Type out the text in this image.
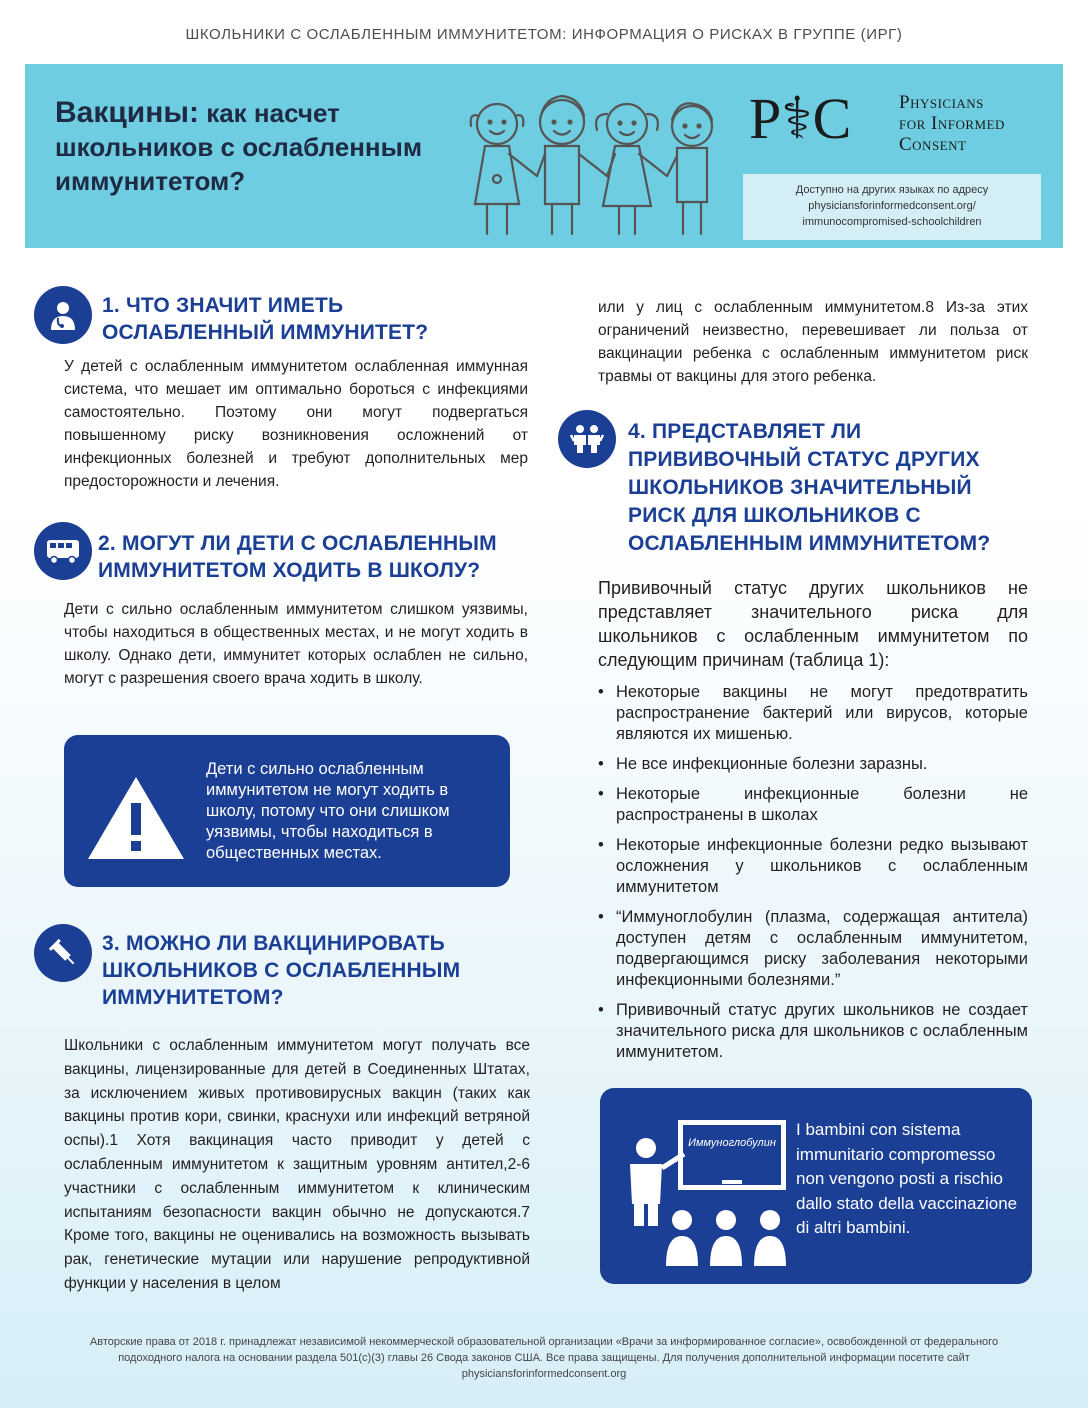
ШКОЛЬНИКИ С ОСЛАБЛЕННЫМ ИММУНИТЕТОМ: ИНФОРМАЦИЯ О РИСКАХ В ГРУППЕ (ИРГ)
Вакцины: как насчет школьников с ослабленным иммунитетом?
P⚕C	Physicians
for Informed
Consent
Доступно на других языках по адресу
physiciansforinformedconsent.org/
immunocompromised-schoolchildren
1. ЧТО ЗНАЧИТ ИМЕТЬ
ОСЛАБЛЕННЫЙ ИММУНИТЕТ?
У детей с ослабленным иммунитетом ослабленная иммунная система, что мешает им оптимально бороться с инфекциями самостоятельно. Поэтому они могут подвергаться повышенному риску возникновения осложнений от инфекционных болезней и требуют дополнительных мер предосторожности и лечения.
2. МОГУТ ЛИ ДЕТИ С ОСЛАБЛЕННЫМ
ИММУНИТЕТОМ ХОДИТЬ В ШКОЛУ?
Дети с сильно ослабленным иммунитетом слишком уязвимы, чтобы находиться в общественных местах, и не могут ходить в школу. Однако дети, иммунитет которых ослаблен не сильно, могут с разрешения своего врача ходить в школу.
Дети с сильно ослабленным иммунитетом не могут ходить в школу, потому что они слишком уязвимы, чтобы находиться в общественных местах.
3. МОЖНО ЛИ ВАКЦИНИРОВАТЬ
ШКОЛЬНИКОВ С ОСЛАБЛЕННЫМ
ИММУНИТЕТОМ?
Школьники с ослабленным иммунитетом могут получать все вакцины, лицензированные для детей в Соединенных Штатах, за исключением живых противовирусных вакцин (таких как вакцины против кори, свинки, краснухи или инфекций ветряной оспы).1 Хотя вакцинация часто приводит у детей с ослабленным иммунитетом к защитным уровням антител,2-6 участники с ослабленным иммунитетом к клиническим испытаниям безопасности вакцин обычно не допускаются.7 Кроме того, вакцины не оценивались на возможность вызывать рак, генетические мутации или нарушение репродуктивной функции у населения в целом
или у лиц с ослабленным иммунитетом.8 Из-за этих ограничений неизвестно, перевешивает ли польза от вакцинации ребенка с ослабленным иммунитетом риск травмы от вакцины для этого ребенка.
4. ПРЕДСТАВЛЯЕТ ЛИ
ПРИВИВОЧНЫЙ СТАТУС ДРУГИХ
ШКОЛЬНИКОВ ЗНАЧИТЕЛЬНЫЙ
РИСК ДЛЯ ШКОЛЬНИКОВ С
ОСЛАБЛЕННЫМ ИММУНИТЕТОМ?
Прививочный статус других школьников не представляет значительного риска для школьников с ослабленным иммунитетом по следующим причинам (таблица 1):
• Некоторые вакцины не могут предотвратить распространение бактерий или вирусов, которые являются их мишенью.
• Не все инфекционные болезни заразны.
• Некоторые инфекционные болезни не распространены в школах
• Некоторые инфекционные болезни редко вызывают осложнения у школьников с ослабленным иммунитетом
• “Иммуноглобулин (плазма, содержащая антитела) доступен детям с ослабленным иммунитетом, подвергающимся риску заболевания некоторыми инфекционными болезнями.”
• Прививочный статус других школьников не создает значительного риска для школьников с ослабленным иммунитетом.
Иммуноглобулин
I bambini con sistema immunitario compromesso non vengono posti a rischio dallo stato della vaccinazione di altri bambini.
Авторские права от 2018 г. принадлежат независимой некоммерческой образовательной организации «Врачи за информированное согласие», освобожденной от федерального подоходного налога на основании раздела 501(c)(3) главы 26 Свода законов США. Все права защищены. Для получения дополнительной информации посетите сайт physiciansforinformedconsent.org
